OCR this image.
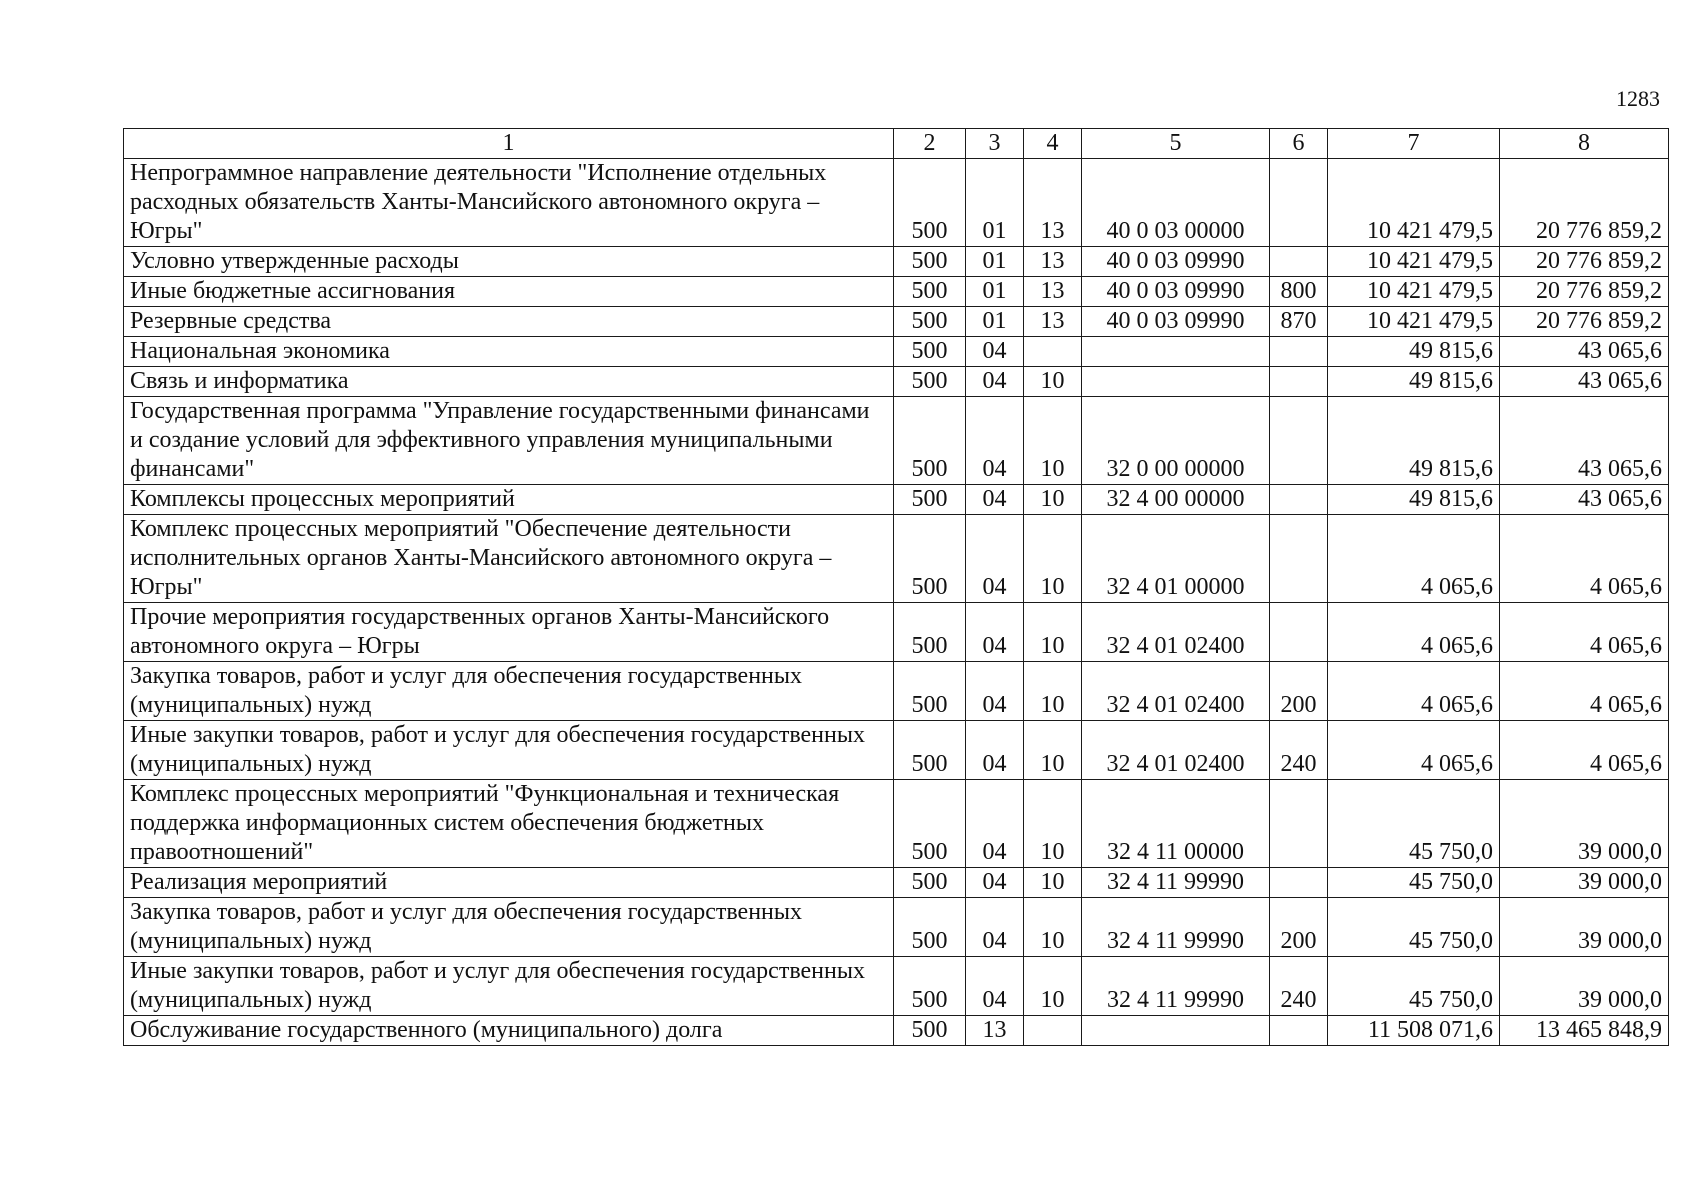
1283
1	2	3	4	5	6	7	8
Непрограммное направление деятельности "Исполнение отдельных расходных обязательств Ханты-Мансийского автономного округа – Югры"	500	01	13	40 0 03 00000		10 421 479,5	20 776 859,2
Условно утвержденные расходы	500	01	13	40 0 03 09990		10 421 479,5	20 776 859,2
Иные бюджетные ассигнования	500	01	13	40 0 03 09990	800	10 421 479,5	20 776 859,2
Резервные средства	500	01	13	40 0 03 09990	870	10 421 479,5	20 776 859,2
Национальная экономика	500	04				49 815,6	43 065,6
Связь и информатика	500	04	10			49 815,6	43 065,6
Государственная программа "Управление государственными финансами и создание условий для эффективного управления муниципальными финансами"	500	04	10	32 0 00 00000		49 815,6	43 065,6
Комплексы процессных мероприятий	500	04	10	32 4 00 00000		49 815,6	43 065,6
Комплекс процессных мероприятий "Обеспечение деятельности исполнительных органов Ханты-Мансийского автономного округа – Югры"	500	04	10	32 4 01 00000		4 065,6	4 065,6
Прочие мероприятия государственных органов Ханты-Мансийского автономного округа – Югры	500	04	10	32 4 01 02400		4 065,6	4 065,6
Закупка товаров, работ и услуг для обеспечения государственных (муниципальных) нужд	500	04	10	32 4 01 02400	200	4 065,6	4 065,6
Иные закупки товаров, работ и услуг для обеспечения государственных (муниципальных) нужд	500	04	10	32 4 01 02400	240	4 065,6	4 065,6
Комплекс процессных мероприятий "Функциональная и техническая поддержка информационных систем обеспечения бюджетных правоотношений"	500	04	10	32 4 11 00000		45 750,0	39 000,0
Реализация мероприятий	500	04	10	32 4 11 99990		45 750,0	39 000,0
Закупка товаров, работ и услуг для обеспечения государственных (муниципальных) нужд	500	04	10	32 4 11 99990	200	45 750,0	39 000,0
Иные закупки товаров, работ и услуг для обеспечения государственных (муниципальных) нужд	500	04	10	32 4 11 99990	240	45 750,0	39 000,0
Обслуживание государственного (муниципального) долга	500	13				11 508 071,6	13 465 848,9
